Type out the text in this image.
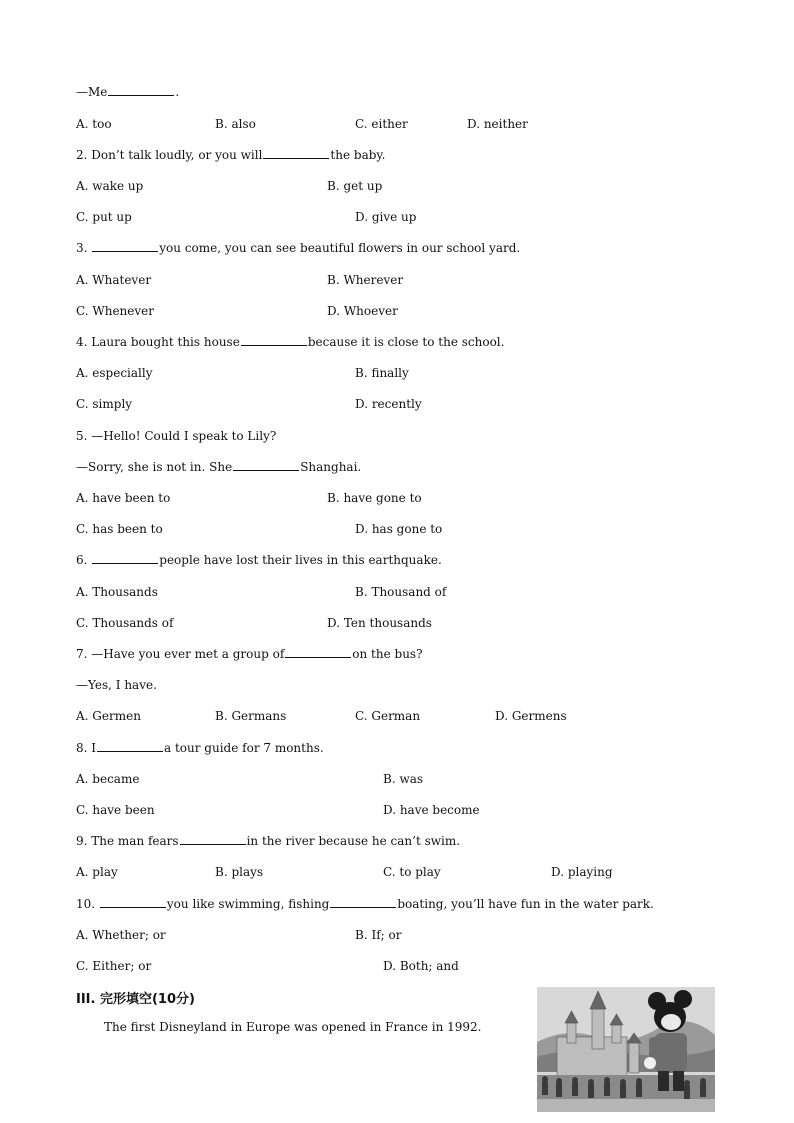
—Me	.
A. too	B. also	C. either	D. neither
2. Don’t talk loudly, or you will	the baby.
A. wake up	B. get up
C. put up	D. give up
3.	you come, you can see beautiful flowers in our school yard.
A. Whatever	B. Wherever
C. Whenever	D. Whoever
4. Laura bought this house	because it is close to the school.
A. especially	B. finally
C. simply	D. recently
5. —Hello! Could I speak to Lily?
—Sorry, she is not in. She	Shanghai.
A. have been to	B. have gone to
C. has been to	D. has gone to
6.	people have lost their lives in this earthquake.
A. Thousands	B. Thousand of
C. Thousands of	D. Ten thousands
7. —Have you ever met a group of	on the bus?
—Yes, I have.
A. Germen	B. Germans	C. German	D. Germens
8. I	a tour guide for 7 months.
A. became	B. was
C. have been	D. have become
9. The man fears	in the river because he can’t swim.
A. play	B. plays	C. to play	D. playing
10.	you like swimming, fishing	boating, you’ll have fun in the water park.
A. Whether; or	B. If; or
C. Either; or	D. Both; and
III. 完形填空(10分)
The first Disneyland in Europe was opened in France in 1992.
